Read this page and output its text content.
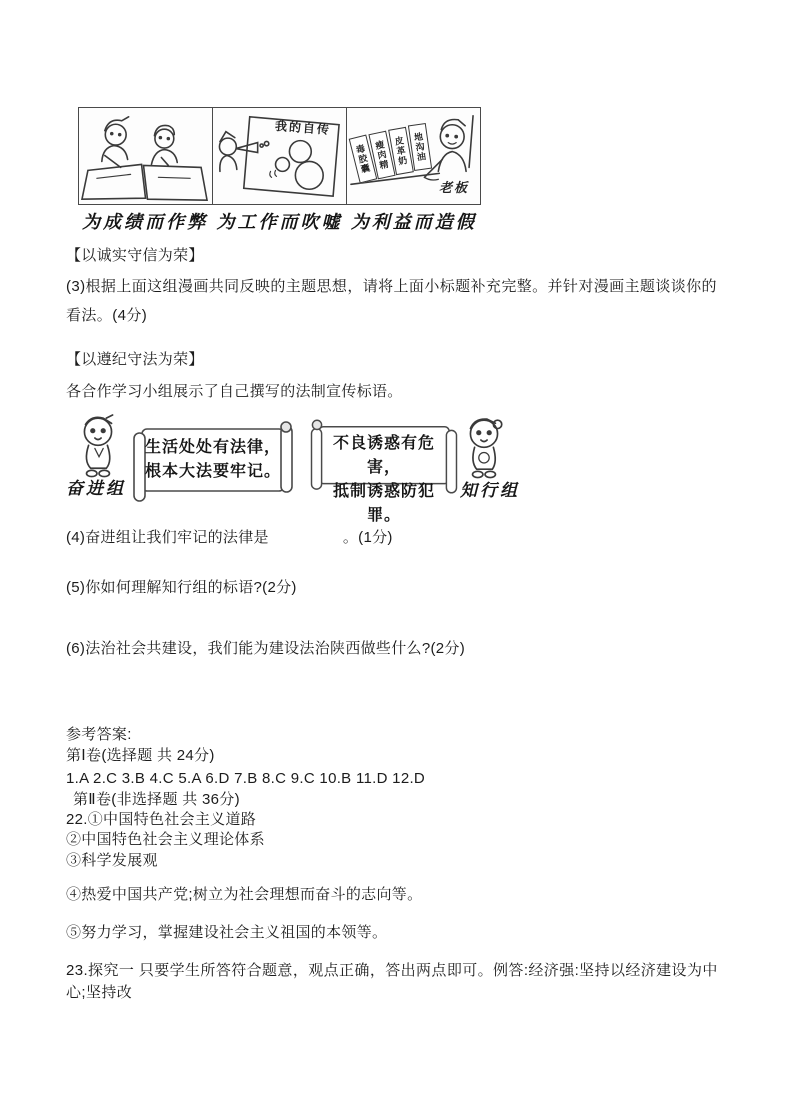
我的自传
毒胶囊 瘦肉精 皮革奶 地沟油
老板
为成绩而作弊 为工作而吹嘘 为利益而造假
【以诚实守信为荣】
(3)根据上面这组漫画共同反映的主题思想，请将上面小标题补充完整。并针对漫画主题谈谈你的看法。(4分)
【以遵纪守法为荣】
各合作学习小组展示了自己撰写的法制宣传标语。
奋进组
生活处处有法律，
根本大法要牢记。
不良诱惑有危害，
抵制诱惑防犯罪。
知行组
(4)奋进组让我们牢记的法律是	。(1分)
(5)你如何理解知行组的标语?(2分)
(6)法治社会共建设，我们能为建设法治陕西做些什么?(2分)
参考答案:
第Ⅰ卷(选择题 共 24分)
1.A 2.C 3.B 4.C 5.A 6.D 7.B 8.C 9.C 10.B 11.D 12.D
第Ⅱ卷(非选择题 共 36分)
22.①中国特色社会主义道路
②中国特色社会主义理论体系
③科学发展观
④热爱中国共产党;树立为社会理想而奋斗的志向等。
⑤努力学习，掌握建设社会主义祖国的本领等。
23.探究一 只要学生所答符合题意，观点正确，答出两点即可。例答:经济强:坚持以经济建设为中心;坚持改
